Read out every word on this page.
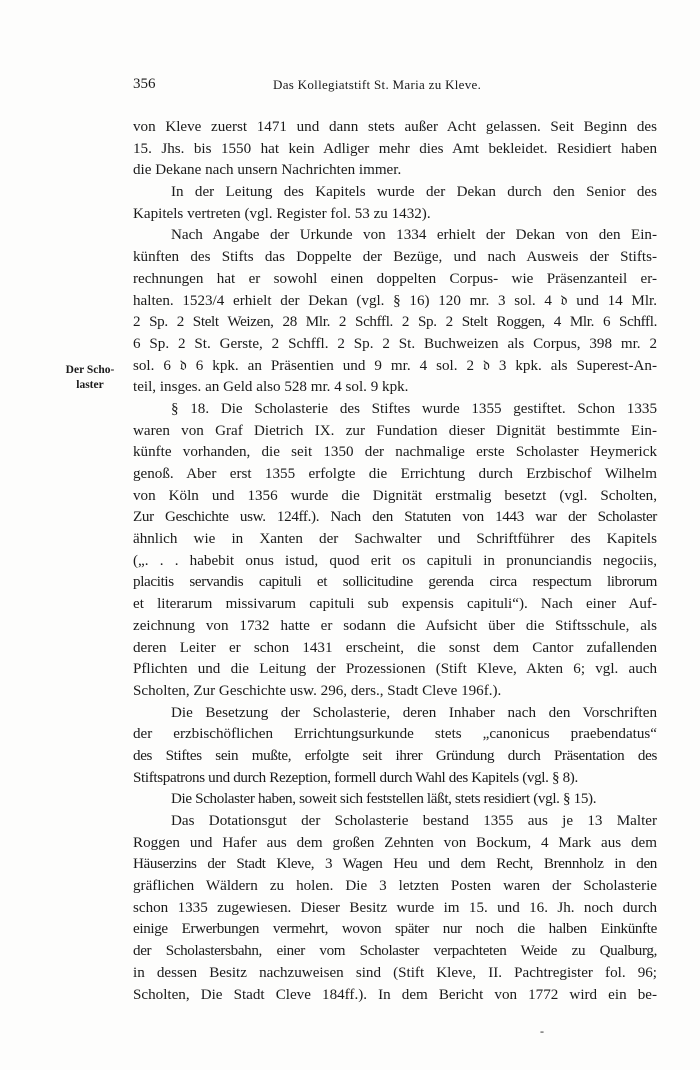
356	Das Kollegiatstift St. Maria zu Kleve.
Der Scho-
laster
von Kleve zuerst 1471 und dann stets außer Acht gelassen. Seit Beginn des
15. Jhs. bis 1550 hat kein Adliger mehr dies Amt bekleidet. Residiert haben
die Dekane nach unsern Nachrichten immer.
In der Leitung des Kapitels wurde der Dekan durch den Senior des
Kapitels vertreten (vgl. Register fol. 53 zu 1432).
Nach Angabe der Urkunde von 1334 erhielt der Dekan von den Ein-
künften des Stifts das Doppelte der Bezüge, und nach Ausweis der Stifts-
rechnungen hat er sowohl einen doppelten Corpus- wie Präsenzanteil er-
halten. 1523/4 erhielt der Dekan (vgl. § 16) 120 mr. 3 sol. 4 𝔡 und 14 Mlr.
2 Sp. 2 Stelt Weizen, 28 Mlr. 2 Schffl. 2 Sp. 2 Stelt Roggen, 4 Mlr. 6 Schffl.
6 Sp. 2 St. Gerste, 2 Schffl. 2 Sp. 2 St. Buchweizen als Corpus, 398 mr. 2
sol. 6 𝔡 6 kpk. an Präsentien und 9 mr. 4 sol. 2 𝔡 3 kpk. als Superest-An-
teil, insges. an Geld also 528 mr. 4 sol. 9 kpk.
§ 18. Die Scholasterie des Stiftes wurde 1355 gestiftet. Schon 1335
waren von Graf Dietrich IX. zur Fundation dieser Dignität bestimmte Ein-
künfte vorhanden, die seit 1350 der nachmalige erste Scholaster Heymerick
genoß. Aber erst 1355 erfolgte die Errichtung durch Erzbischof Wilhelm
von Köln und 1356 wurde die Dignität erstmalig besetzt (vgl. Scholten,
Zur Geschichte usw. 124ff.). Nach den Statuten von 1443 war der Scholaster
ähnlich wie in Xanten der Sachwalter und Schriftführer des Kapitels
(„. . . habebit onus istud, quod erit os capituli in pronunciandis negociis,
placitis servandis capituli et sollicitudine gerenda circa respectum librorum
et literarum missivarum capituli sub expensis capituli“). Nach einer Auf-
zeichnung von 1732 hatte er sodann die Aufsicht über die Stiftsschule, als
deren Leiter er schon 1431 erscheint, die sonst dem Cantor zufallenden
Pflichten und die Leitung der Prozessionen (Stift Kleve, Akten 6; vgl. auch
Scholten, Zur Geschichte usw. 296, ders., Stadt Cleve 196f.).
Die Besetzung der Scholasterie, deren Inhaber nach den Vorschriften
der erzbischöflichen Errichtungsurkunde stets „canonicus praebendatus“
des Stiftes sein mußte, erfolgte seit ihrer Gründung durch Präsentation des
Stiftspatrons und durch Rezeption, formell durch Wahl des Kapitels (vgl. § 8).
Die Scholaster haben, soweit sich feststellen läßt, stets residiert (vgl. § 15).
Das Dotationsgut der Scholasterie bestand 1355 aus je 13 Malter
Roggen und Hafer aus dem großen Zehnten von Bockum, 4 Mark aus dem
Häuserzins der Stadt Kleve, 3 Wagen Heu und dem Recht, Brennholz in den
gräflichen Wäldern zu holen. Die 3 letzten Posten waren der Scholasterie
schon 1335 zugewiesen. Dieser Besitz wurde im 15. und 16. Jh. noch durch
einige Erwerbungen vermehrt, wovon später nur noch die halben Einkünfte
der Scholastersbahn, einer vom Scholaster verpachteten Weide zu Qualburg,
in dessen Besitz nachzuweisen sind (Stift Kleve, II. Pachtregister fol. 96;
Scholten, Die Stadt Cleve 184ff.). In dem Bericht von 1772 wird ein be-
-
